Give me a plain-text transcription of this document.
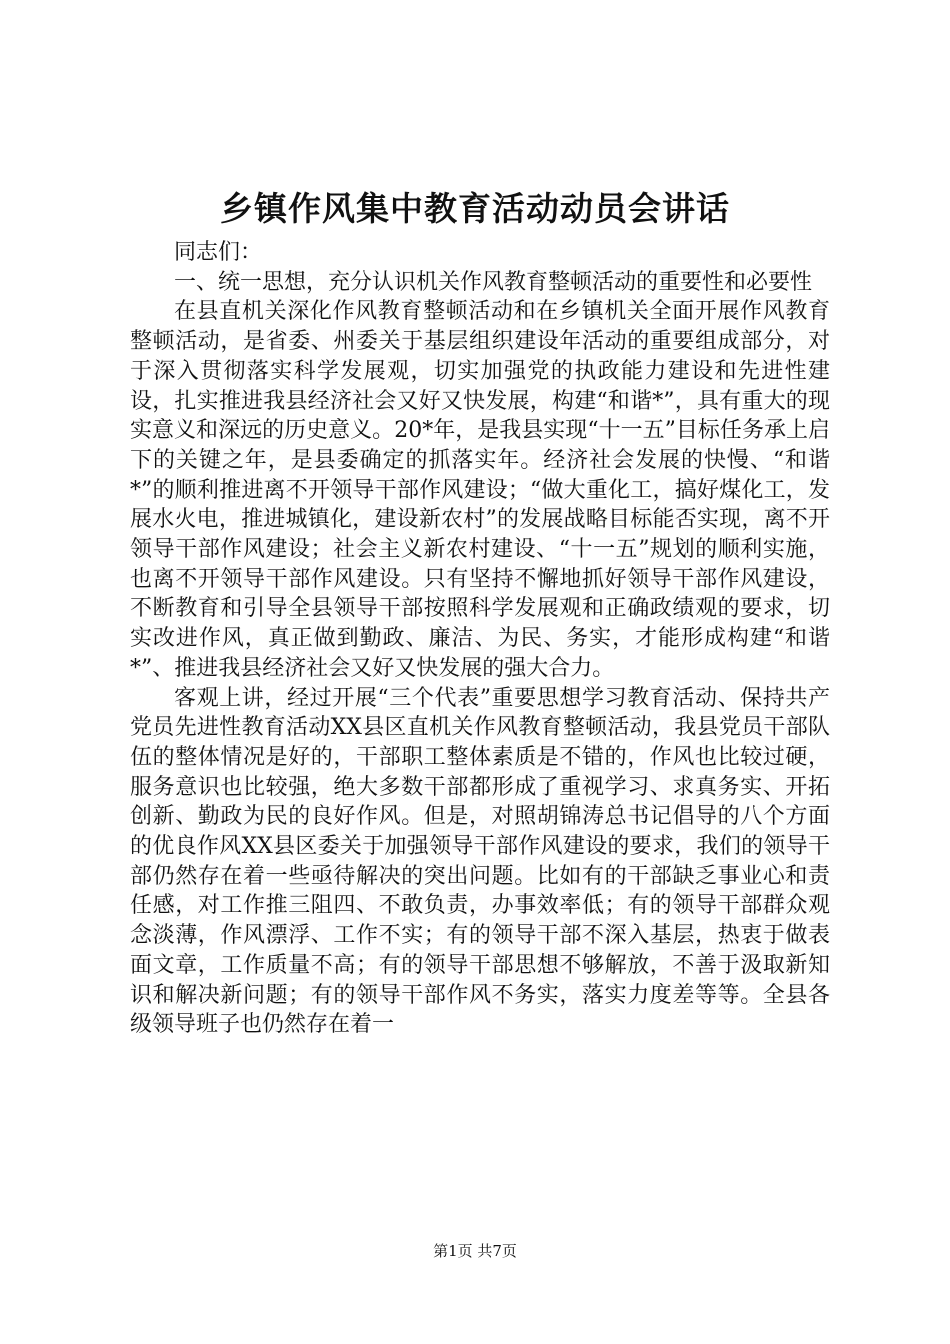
乡镇作风集中教育活动动员会讲话

同志们：

一、统一思想，充分认识机关作风教育整顿活动的重要性和必要性

在县直机关深化作风教育整顿活动和在乡镇机关全面开展作风教育整顿活动，是省委、州委关于基层组织建设年活动的重要组成部分，对于深入贯彻落实科学发展观，切实加强党的执政能力建设和先进性建设，扎实推进我县经济社会又好又快发展，构建“和谐*”，具有重大的现实意义和深远的历史意义。20*年，是我县实现“十一五”目标任务承上启下的关键之年，是县委确定的抓落实年。经济社会发展的快慢、“和谐*”的顺利推进离不开领导干部作风建设；“做大重化工，搞好煤化工，发展水火电，推进城镇化，建设新农村”的发展战略目标能否实现，离不开领导干部作风建设；社会主义新农村建设、“十一五”规划的顺利实施，也离不开领导干部作风建设。只有坚持不懈地抓好领导干部作风建设，不断教育和引导全县领导干部按照科学发展观和正确政绩观的要求，切实改进作风，真正做到勤政、廉洁、为民、务实，才能形成构建“和谐*”、推进我县经济社会又好又快发展的强大合力。

客观上讲，经过开展“三个代表”重要思想学习教育活动、保持共产党员先进性教育活动XX县区直机关作风教育整顿活动，我县党员干部队伍的整体情况是好的，干部职工整体素质是不错的，作风也比较过硬，服务意识也比较强，绝大多数干部都形成了重视学习、求真务实、开拓创新、勤政为民的良好作风。但是，对照胡锦涛总书记倡导的八个方面的优良作风XX县区委关于加强领导干部作风建设的要求，我们的领导干部仍然存在着一些亟待解决的突出问题。比如有的干部缺乏事业心和责任感，对工作推三阻四、不敢负责，办事效率低；有的领导干部群众观念淡薄，作风漂浮、工作不实；有的领导干部不深入基层，热衷于做表面文章，工作质量不高；有的领导干部思想不够解放，不善于汲取新知识和解决新问题；有的领导干部作风不务实，落实力度差等等。全县各级领导班子也仍然存在着一

第1页 共7页
